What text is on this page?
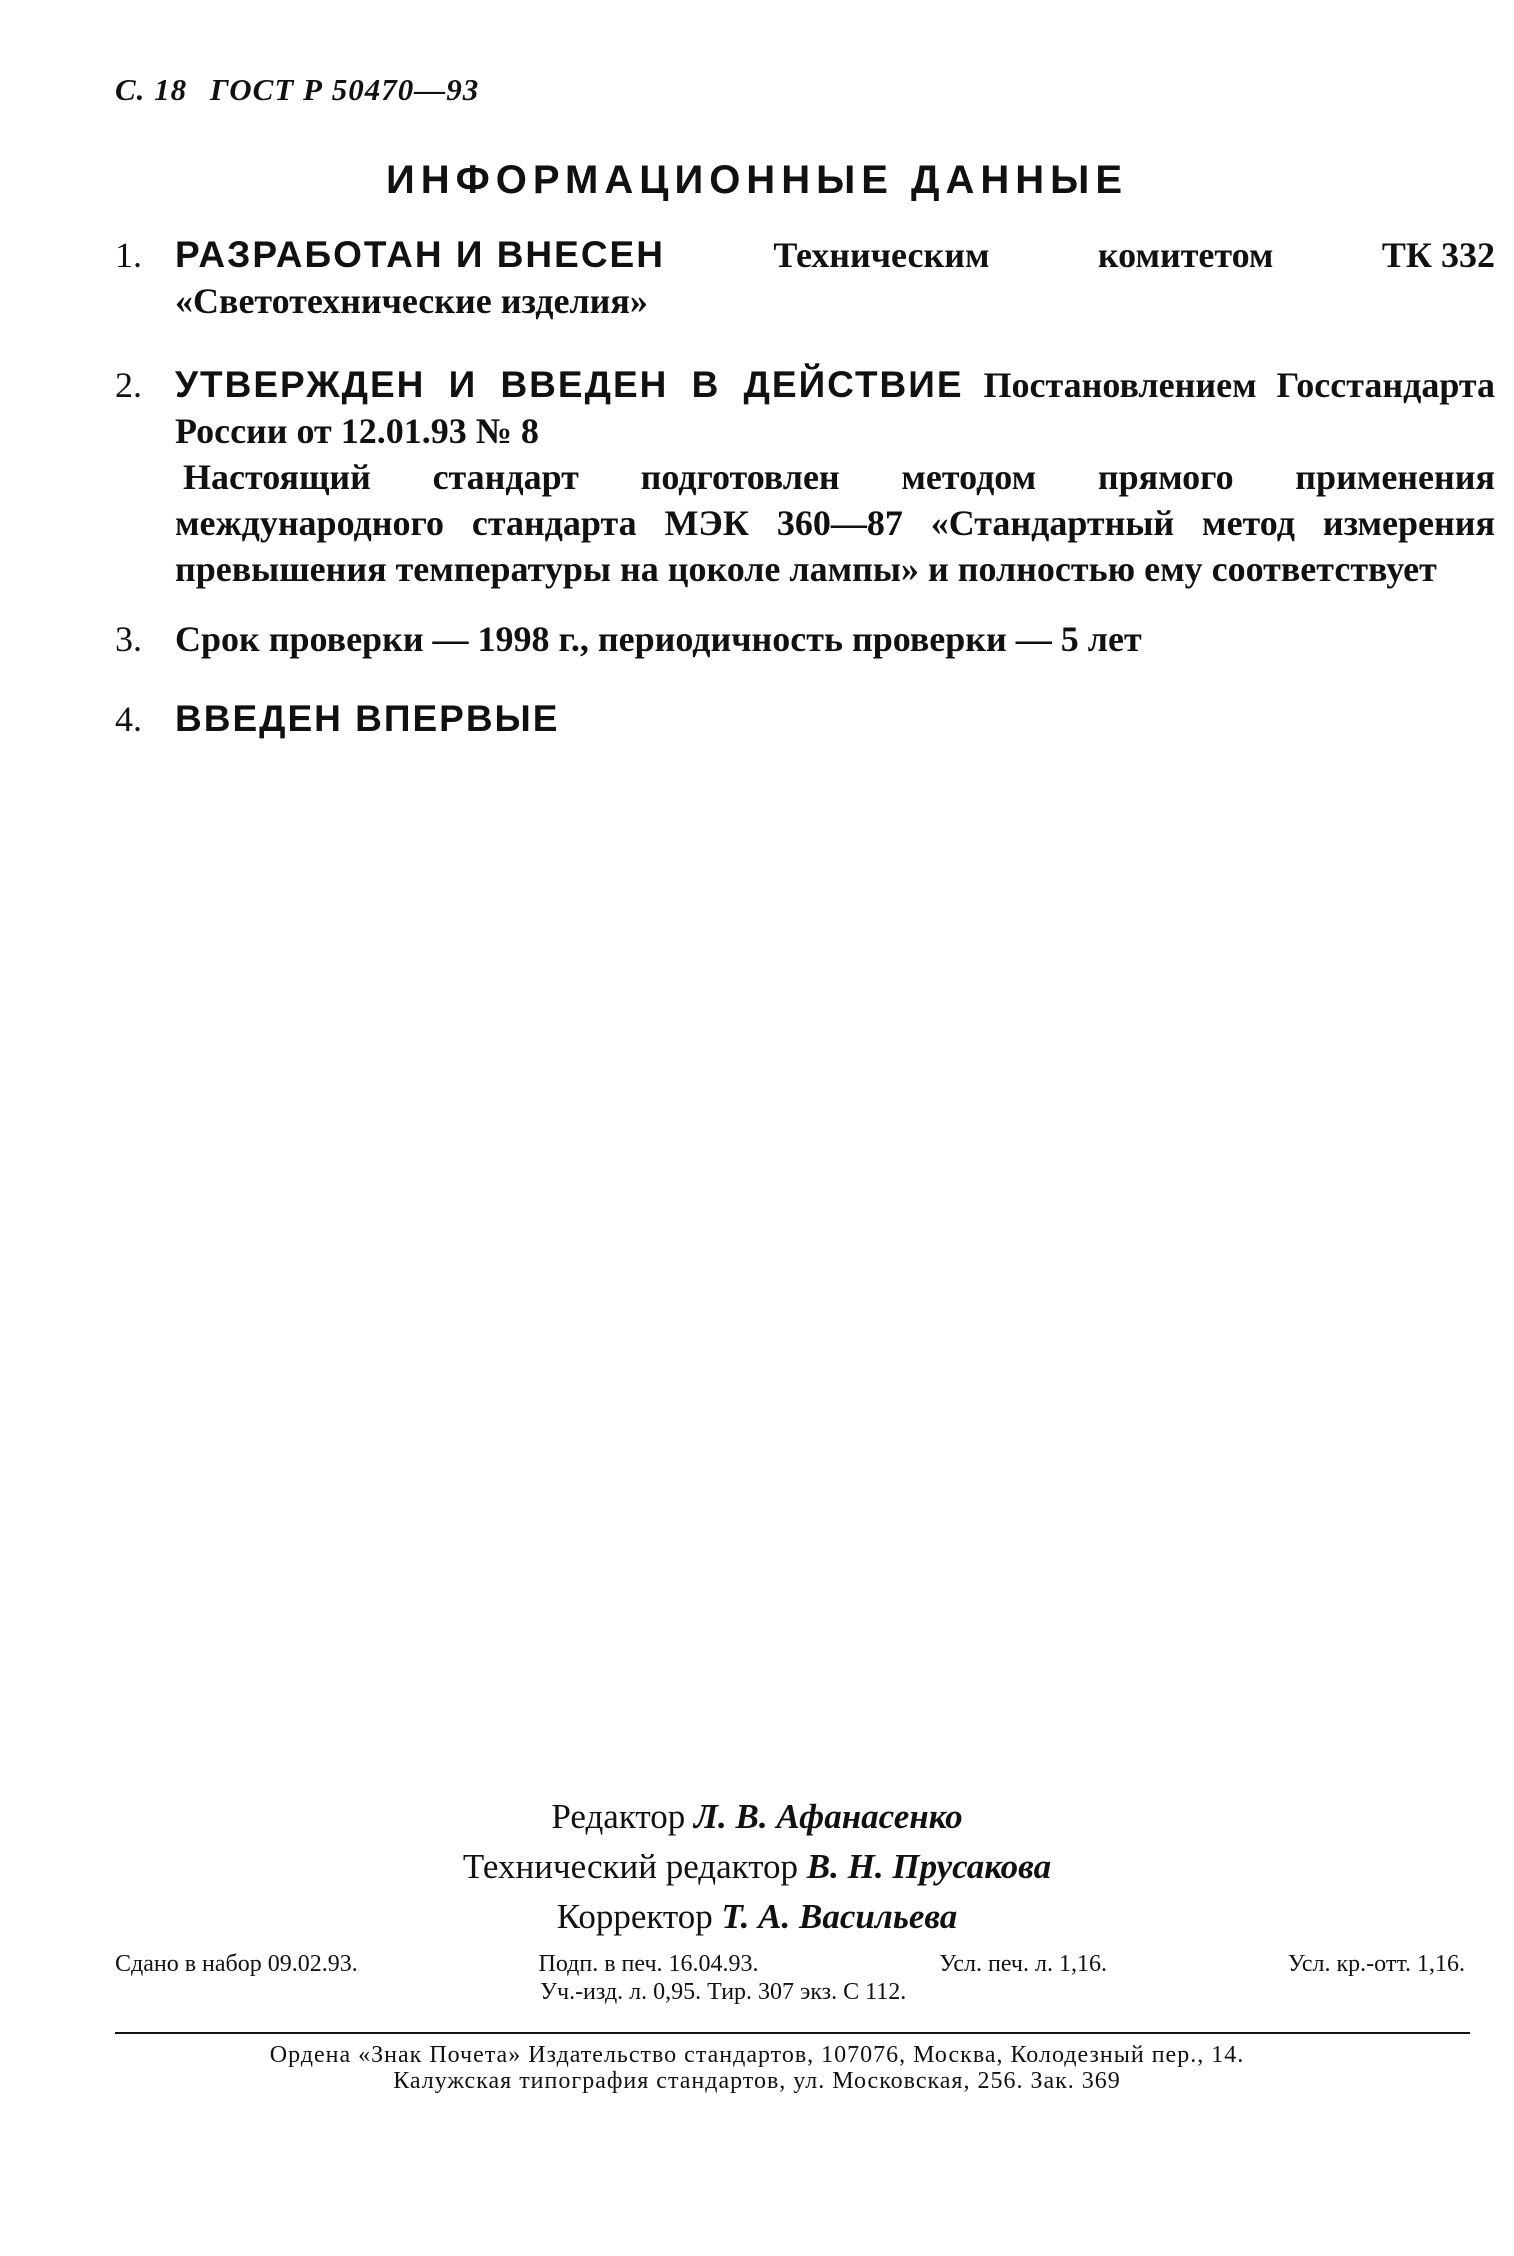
С. 18 ГОСТ Р 50470—93
ИНФОРМАЦИОННЫЕ ДАННЫЕ
1. РАЗРАБОТАН И ВНЕСЕН	Техническим	комитетом	ТК 332
«Светотехнические изделия»
2. УТВЕРЖДЕН И ВВЕДЕН В ДЕЙСТВИЕ Постановлением Госстандарта России от 12.01.93 № 8
Настоящий стандарт подготовлен методом прямого применения международного стандарта МЭК 360—87 «Стандартный метод измерения превышения температуры на цоколе лампы» и полностью ему соответствует
3. Срок проверки — 1998 г., периодичность проверки — 5 лет
4. ВВЕДЕН ВПЕРВЫЕ
Редактор Л. В. Афанасенко
Технический редактор В. Н. Прусакова
Корректор Т. А. Васильева
Сдано в набор 09.02.93.	Подп. в печ. 16.04.93.	Усл. печ. л. 1,16.	Усл. кр.-отт. 1,16.
Уч.-изд. л. 0,95. Тир. 307 экз. С 112.
Ордена «Знак Почета» Издательство стандартов, 107076, Москва, Колодезный пер., 14.
Калужская типография стандартов, ул. Московская, 256. Зак. 369
